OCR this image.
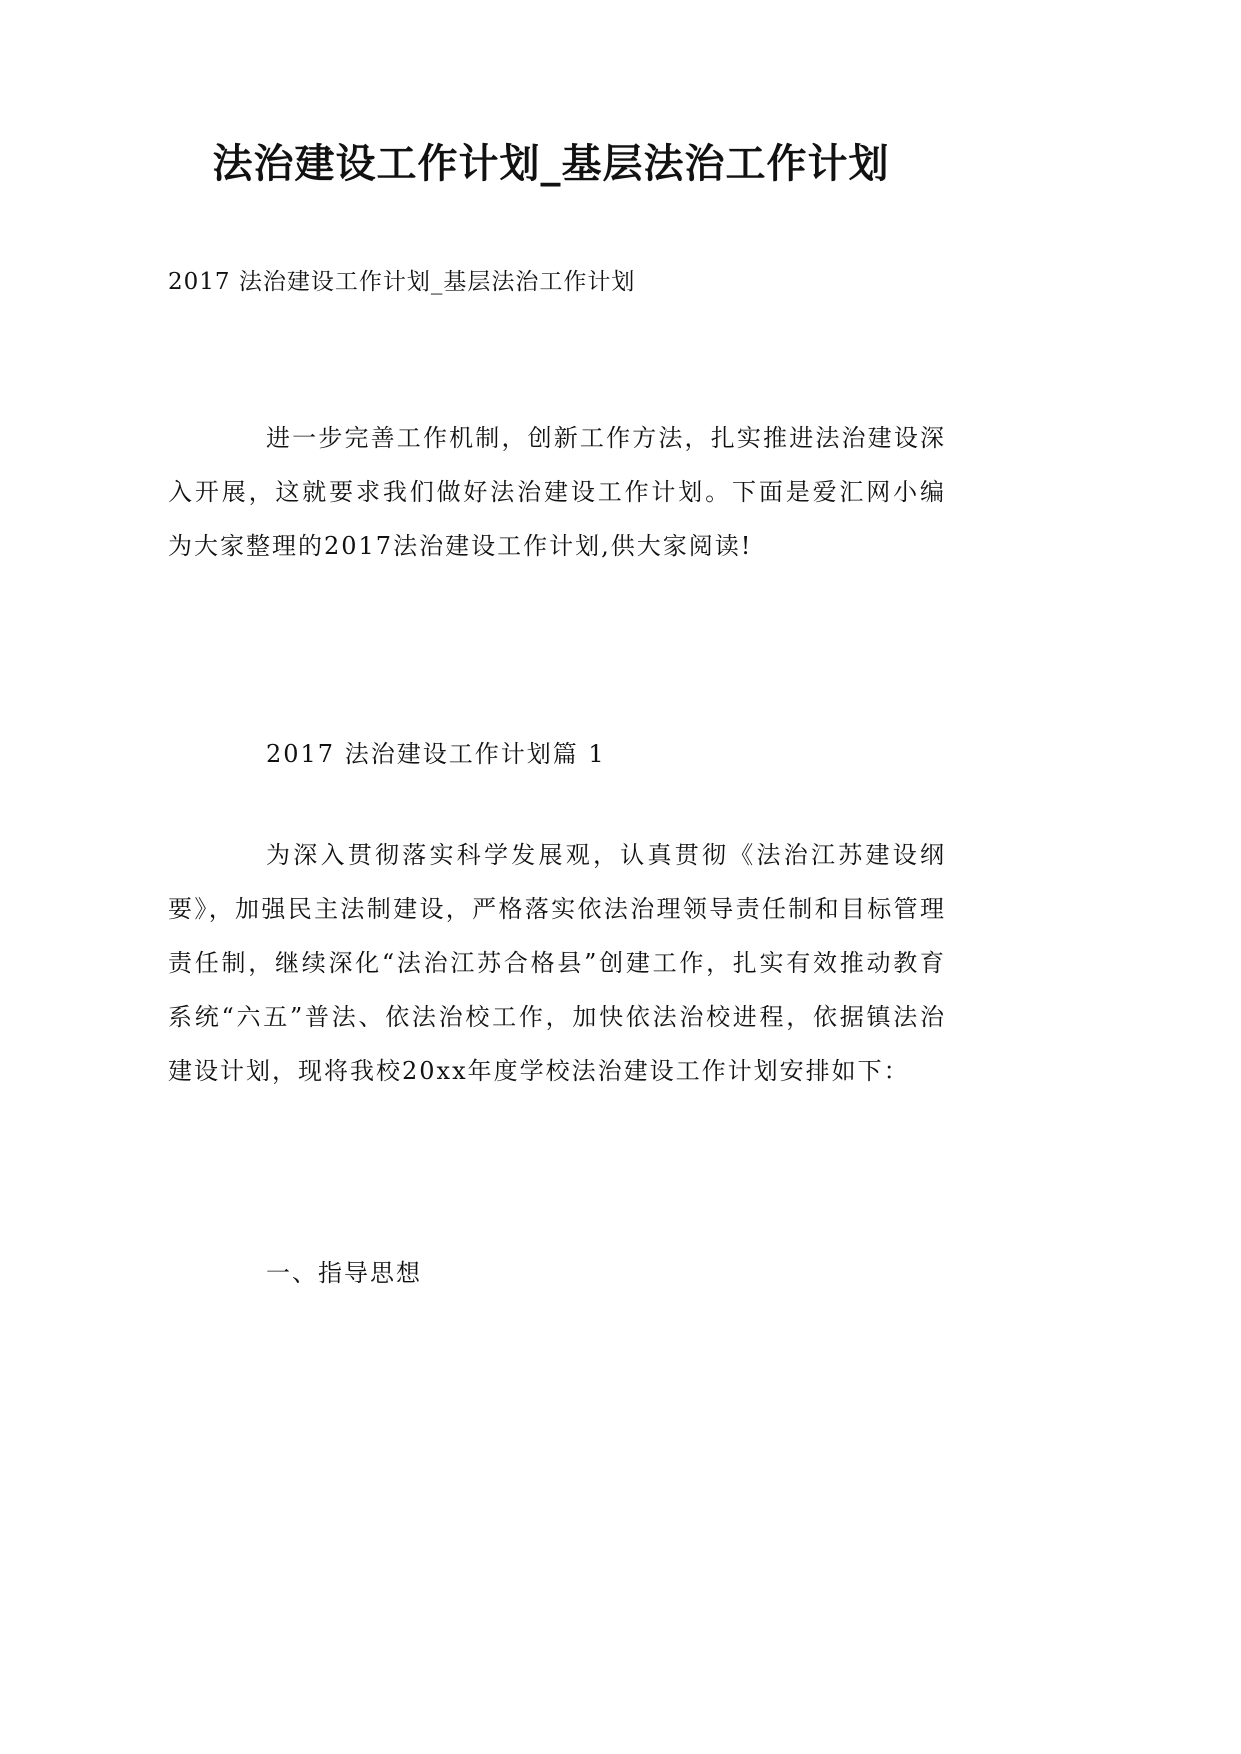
法治建设工作计划_基层法治工作计划

2017 法治建设工作计划_基层法治工作计划

进一步完善工作机制，创新工作方法，扎实推进法治建设深入开展，这就要求我们做好法治建设工作计划。下面是爱汇网小编为大家整理的2017法治建设工作计划,供大家阅读!

2017 法治建设工作计划篇 1

为深入贯彻落实科学发展观，认真贯彻《法治江苏建设纲要》，加强民主法制建设，严格落实依法治理领导责任制和目标管理责任制，继续深化“法治江苏合格县”创建工作，扎实有效推动教育系统“六五”普法、依法治校工作，加快依法治校进程，依据镇法治建设计划，现将我校20xx年度学校法治建设工作计划安排如下：

一、指导思想
